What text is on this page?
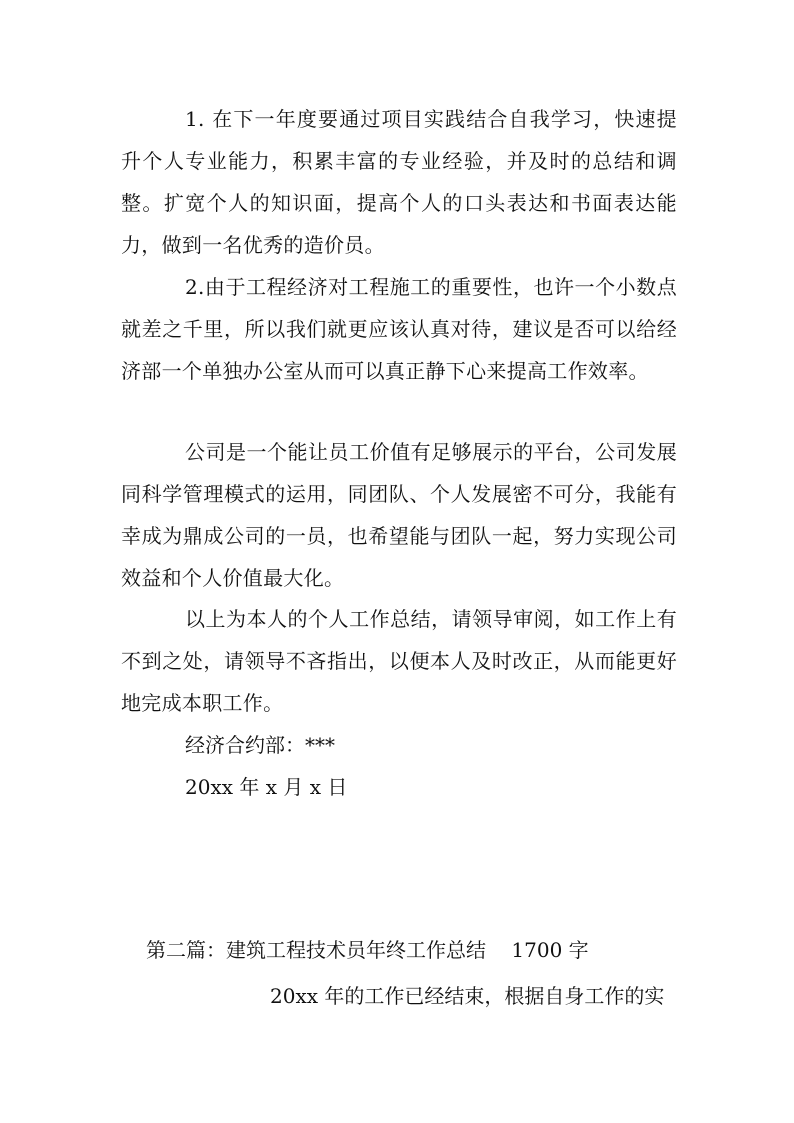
1. 在下一年度要通过项目实践结合自我学习，快速提升个人专业能力，积累丰富的专业经验，并及时的总结和调整。扩宽个人的知识面，提高个人的口头表达和书面表达能力，做到一名优秀的造价员。

2.由于工程经济对工程施工的重要性，也许一个小数点就差之千里，所以我们就更应该认真对待，建议是否可以给经济部一个单独办公室从而可以真正静下心来提高工作效率。

公司是一个能让员工价值有足够展示的平台，公司发展同科学管理模式的运用，同团队、个人发展密不可分，我能有幸成为鼎成公司的一员，也希望能与团队一起，努力实现公司效益和个人价值最大化。

以上为本人的个人工作总结，请领导审阅，如工作上有不到之处，请领导不吝指出，以便本人及时改正，从而能更好地完成本职工作。

经济合约部：***

20xx 年 x 月 x 日

第二篇：建筑工程技术员年终工作总结    1700 字

20xx 年的工作已经结束，根据自身工作的实
